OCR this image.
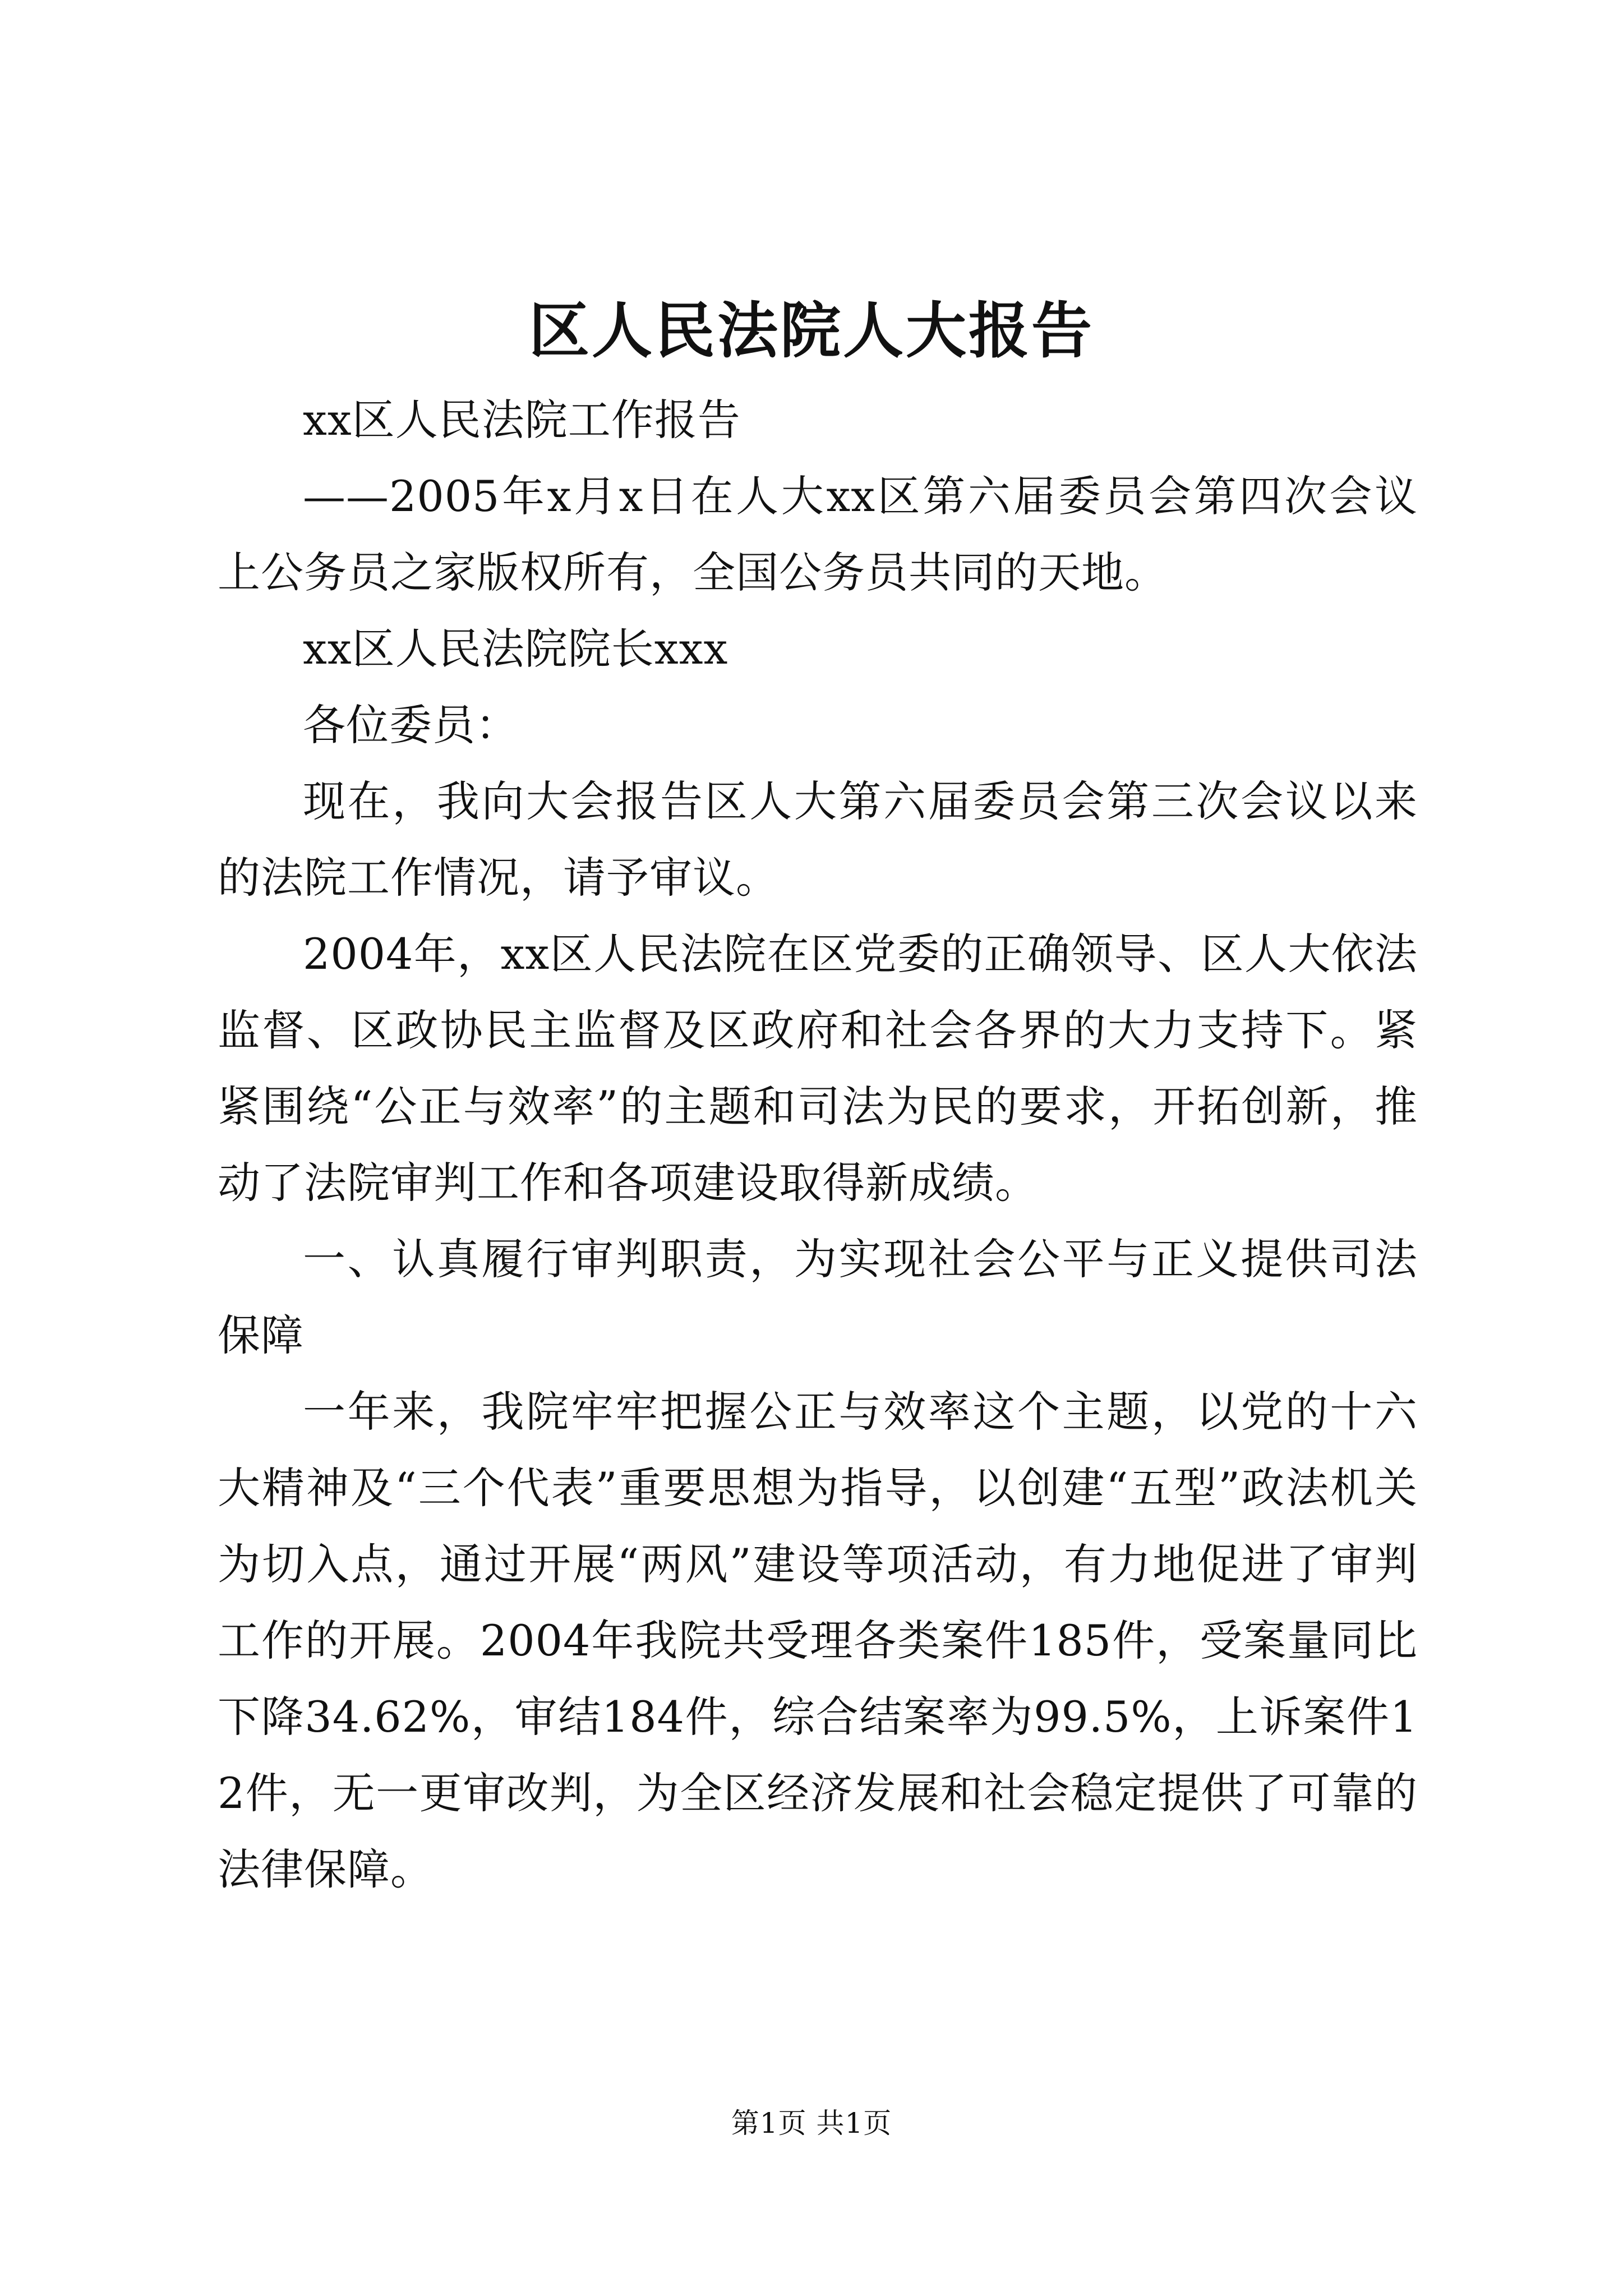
区人民法院人大报告

xx区人民法院工作报告

——2005年x月x日在人大xx区第六届委员会第四次会议上公务员之家版权所有，全国公务员共同的天地。

xx区人民法院院长xxx

各位委员：

现在，我向大会报告区人大第六届委员会第三次会议以来的法院工作情况，请予审议。

2004年，xx区人民法院在区党委的正确领导、区人大依法监督、区政协民主监督及区政府和社会各界的大力支持下。紧紧围绕“公正与效率”的主题和司法为民的要求，开拓创新，推动了法院审判工作和各项建设取得新成绩。

一、认真履行审判职责，为实现社会公平与正义提供司法保障

一年来，我院牢牢把握公正与效率这个主题，以党的十六大精神及“三个代表”重要思想为指导，以创建“五型”政法机关为切入点，通过开展“两风”建设等项活动，有力地促进了审判工作的开展。2004年我院共受理各类案件185件，受案量同比下降34.62%，审结184件，综合结案率为99.5%，上诉案件12件，无一更审改判，为全区经济发展和社会稳定提供了可靠的法律保障。

第1页 共1页
